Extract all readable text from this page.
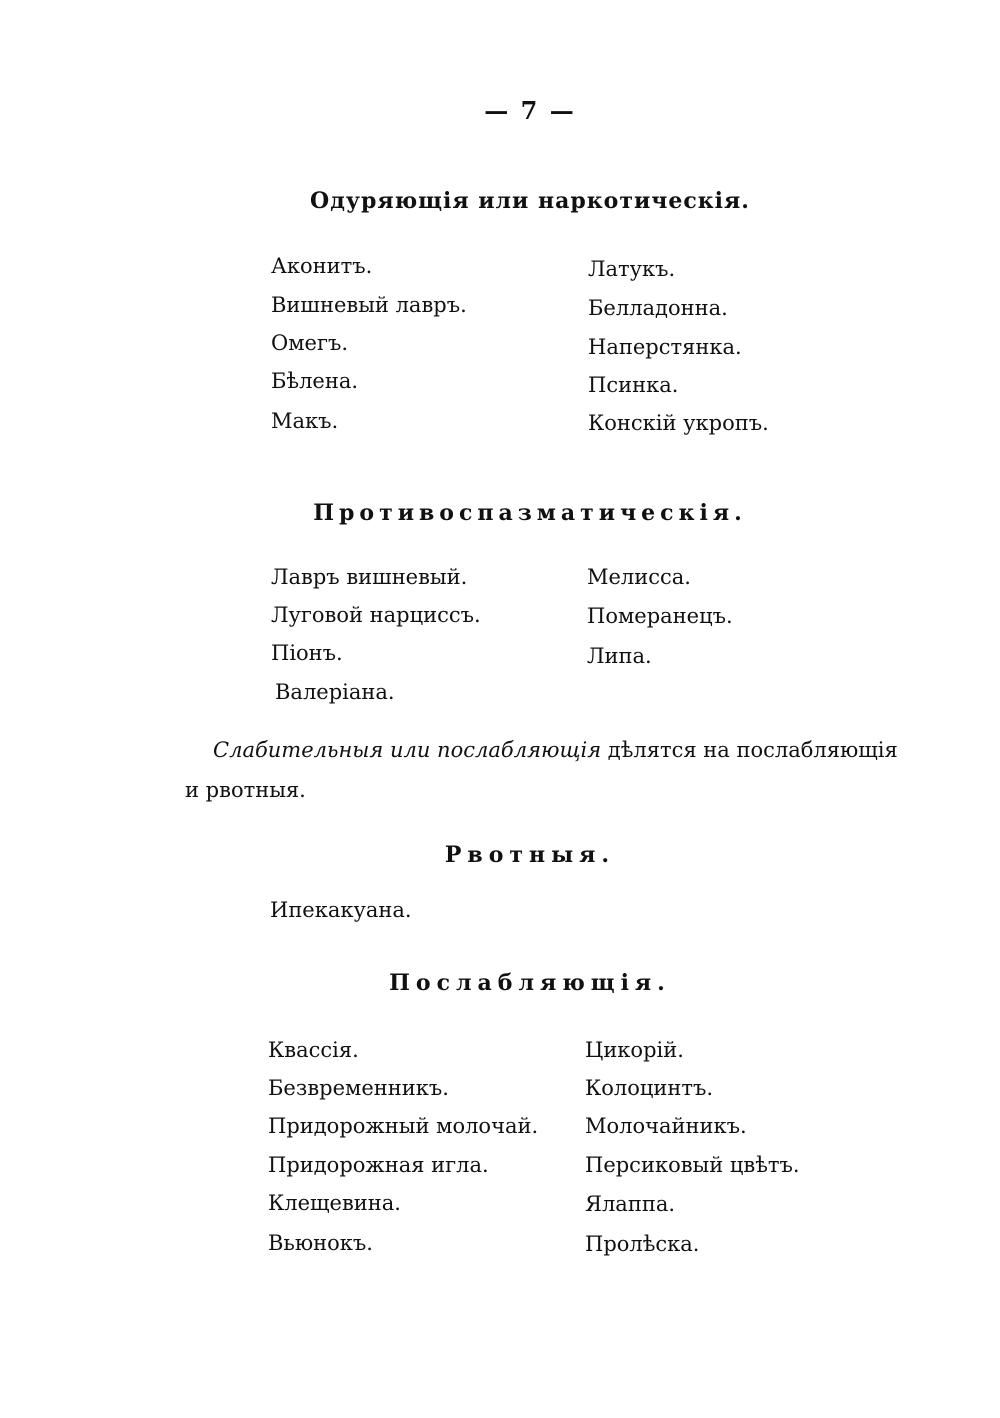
— 7 —
Одуряющія или наркотическія.
Аконитъ.
Вишневый лавръ.
Омегъ.
Бѣлена.
Макъ.
Латукъ.
Белладонна.
Наперстянка.
Псинка.
Конскій укропъ.
Противоспазматическія.
Лавръ вишневый.
Луговой нарциссъ.
Піонъ.
Валеріана.
Мелисса.
Померанецъ.
Липа.
Слабительныя или послабляющія дѣлятся на послабляющія
и рвотныя.
Рвотныя.
Ипекакуана.
Послабляющія.
Квассія.
Безвременникъ.
Придорожный молочай.
Придорожная игла.
Клещевина.
Вьюнокъ.
Цикорій.
Колоцинтъ.
Молочайникъ.
Персиковый цвѣтъ.
Ялаппа.
Пролѣска.
